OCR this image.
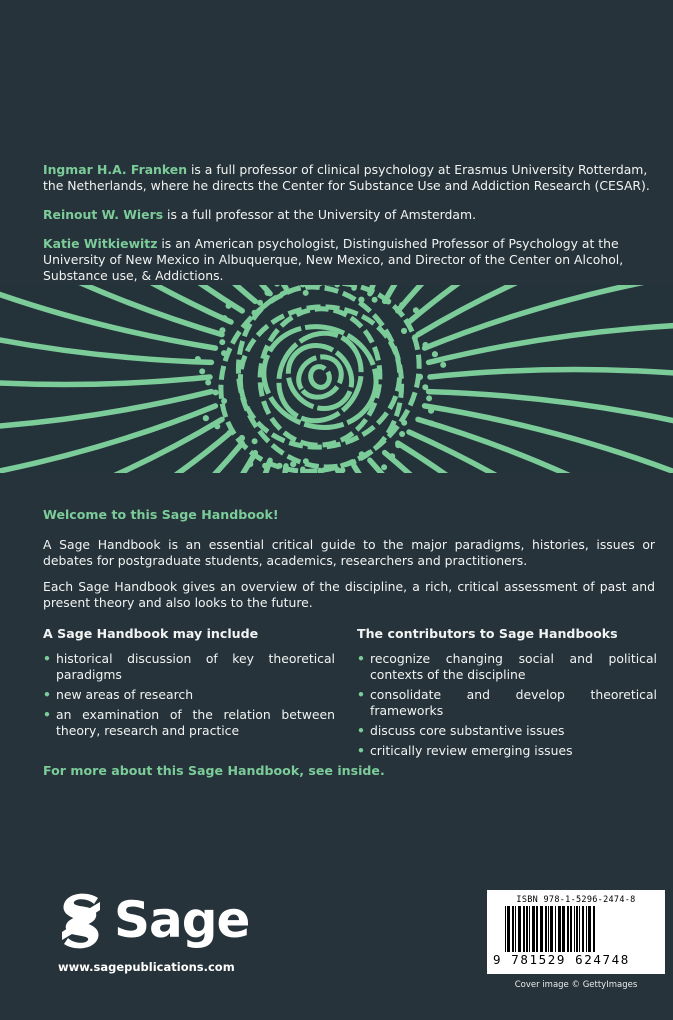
Ingmar H.A. Franken is a full professor of clinical psychology at Erasmus University Rotterdam, the Netherlands, where he directs the Center for Substance Use and Addiction Research (CESAR).

Reinout W. Wiers is a full professor at the University of Amsterdam.

Katie Witkiewitz is an American psychologist, Distinguished Professor of Psychology at the University of New Mexico in Albuquerque, New Mexico, and Director of the Center on Alcohol, Substance use, & Addictions.

Welcome to this Sage Handbook!

A Sage Handbook is an essential critical guide to the major paradigms, histories, issues or debates for postgraduate students, academics, researchers and practitioners.

Each Sage Handbook gives an overview of the discipline, a rich, critical assessment of past and present theory and also looks to the future.

A Sage Handbook may include

• historical discussion of key theoretical paradigms
• new areas of research
• an examination of the relation between theory, research and practice

The contributors to Sage Handbooks

• recognize changing social and political contexts of the discipline
• consolidate and develop theoretical frameworks
• discuss core substantive issues
• critically review emerging issues

For more about this Sage Handbook, see inside.

Sage
www.sagepublications.com
ISBN 978-1-5296-2474-8
9 781529 624748
Cover image © GettyImages
